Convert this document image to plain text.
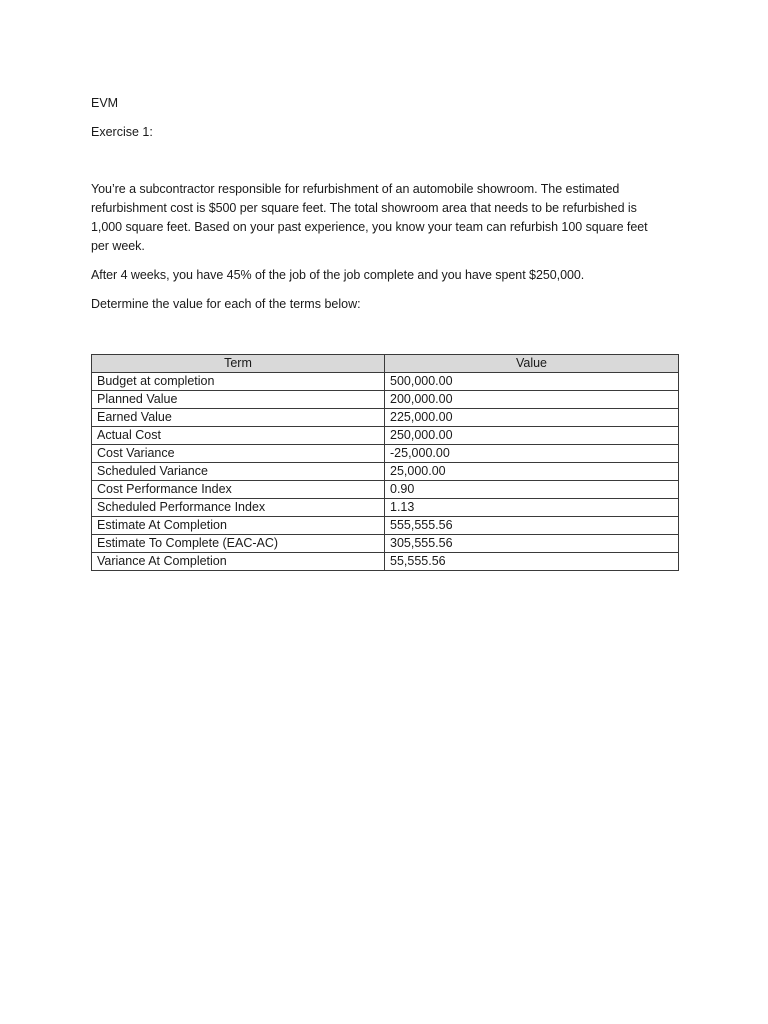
EVM

Exercise 1:

You’re a subcontractor responsible for refurbishment of an automobile showroom. The estimated

refurbishment cost is $500 per square feet. The total showroom area that needs to be refurbished is

1,000 square feet. Based on your past experience, you know your team can refurbish 100 square feet

per week.

After 4 weeks, you have 45% of the job of the job complete and you have spent $250,000.

Determine the value for each of the terms below:

Term	Value
Budget at completion	500,000.00
Planned Value	200,000.00
Earned Value	225,000.00
Actual Cost	250,000.00
Cost Variance	-25,000.00
Scheduled Variance	25,000.00
Cost Performance Index	0.90
Scheduled Performance Index	1.13
Estimate At Completion	555,555.56
Estimate To Complete (EAC-AC)	305,555.56
Variance At Completion	55,555.56
